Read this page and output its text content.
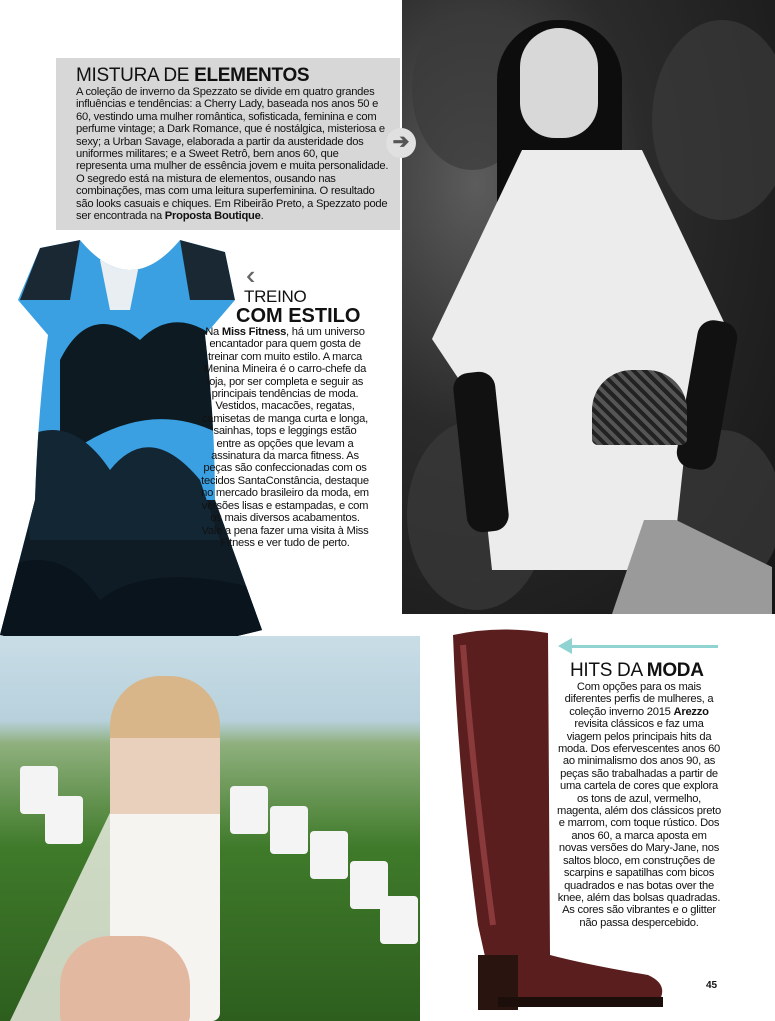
MISTURA DE ELEMENTOS
A coleção de inverno da Spezzato se divide em quatro grandes influências e tendências: a Cherry Lady, baseada nos anos 50 e 60, vestindo uma mulher romântica, sofisticada, feminina e com perfume vintage; a Dark Romance, que é nostálgica, misteriosa e sexy; a Urban Savage, elaborada a partir da austeridade dos uniformes militares; e a Sweet Retrô, bem anos 60, que representa uma mulher de essência jovem e muita personalidade. O segredo está na mistura de elementos, ousando nas combinações, mas com uma leitura superfeminina. O resultado são looks casuais e chiques. Em Ribeirão Preto, a Spezzato pode ser encontrada na Proposta Boutique.
➔
‹‹
TREINO
COM ESTILO
Na Miss Fitness, há um universo encantador para quem gosta de treinar com muito estilo. A marca Menina Mineira é o carro-chefe da loja, por ser completa e seguir as principais tendências de moda. Vestidos, macacões, regatas, camisetas de manga curta e longa, sainhas, tops e leggings estão entre as opções que levam a assinatura da marca fitness. As peças são confeccionadas com os tecidos SantaConstância, destaque no mercado brasileiro da moda, em versões lisas e estampadas, e com os mais diversos acabamentos. Vale a pena fazer uma visita à Miss Fitness e ver tudo de perto.
HITS DA MODA
Com opções para os mais diferentes perfis de mulheres, a coleção inverno 2015 Arezzo revisita clássicos e faz uma viagem pelos principais hits da moda. Dos efervescentes anos 60 ao minimalismo dos anos 90, as peças são trabalhadas a partir de uma cartela de cores que explora os tons de azul, vermelho, magenta, além dos clássicos preto e marrom, com toque rústico. Dos anos 60, a marca aposta em novas versões do Mary-Jane, nos saltos bloco, em construções de scarpins e sapatilhas com bicos quadrados e nas botas over the knee, além das bolsas quadradas. As cores são vibrantes e o glitter não passa despercebido.
45
